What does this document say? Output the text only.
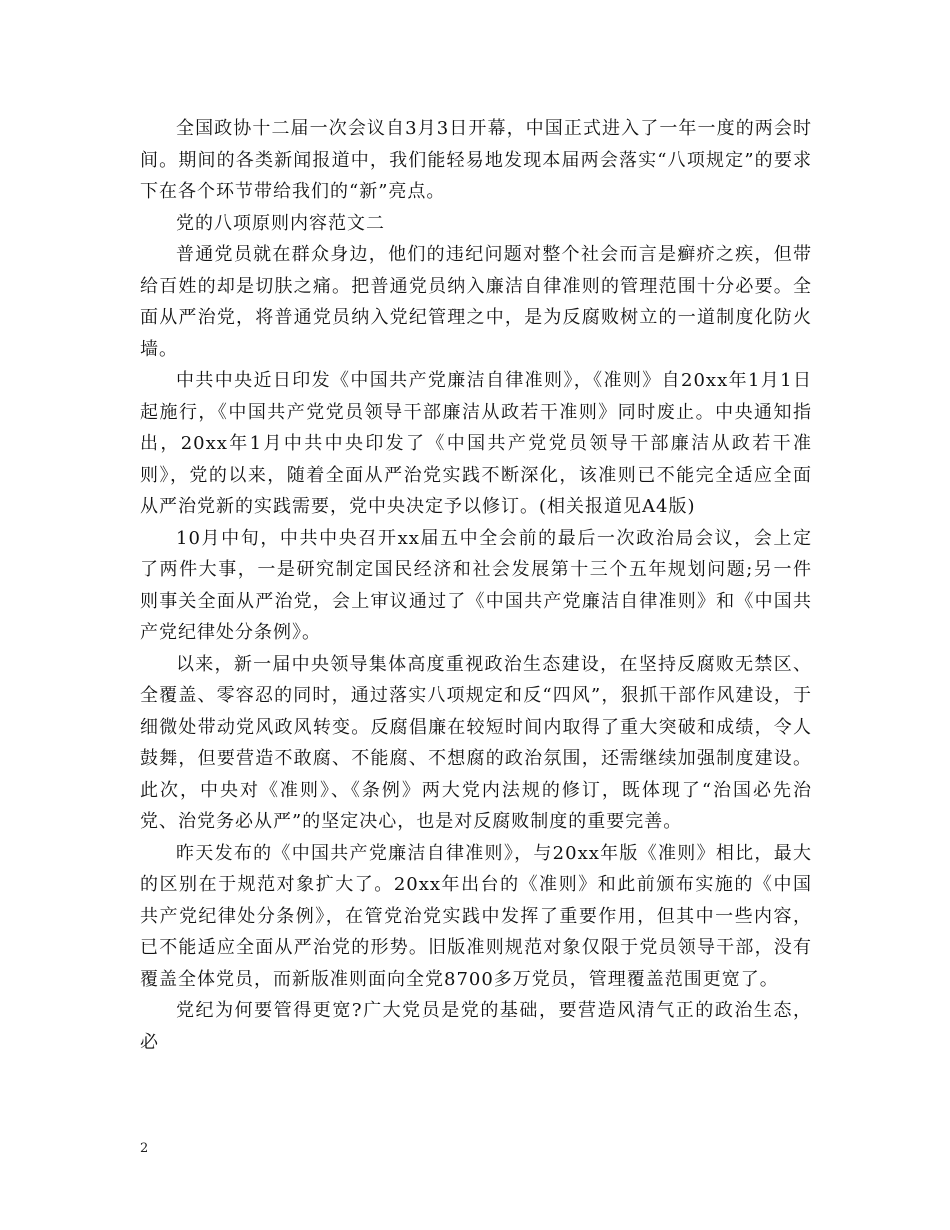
全国政协十二届一次会议自3月3日开幕，中国正式进入了一年一度的两会时间。期间的各类新闻报道中，我们能轻易地发现本届两会落实“八项规定”的要求下在各个环节带给我们的“新”亮点。

党的八项原则内容范文二

普通党员就在群众身边，他们的违纪问题对整个社会而言是癣疥之疾，但带给百姓的却是切肤之痛。把普通党员纳入廉洁自律准则的管理范围十分必要。全面从严治党，将普通党员纳入党纪管理之中，是为反腐败树立的一道制度化防火墙。

中共中央近日印发《中国共产党廉洁自律准则》，《准则》自20xx年1月1日起施行，《中国共产党党员领导干部廉洁从政若干准则》同时废止。中央通知指出，20xx年1月中共中央印发了《中国共产党党员领导干部廉洁从政若干准则》，党的以来，随着全面从严治党实践不断深化，该准则已不能完全适应全面从严治党新的实践需要，党中央决定予以修订。(相关报道见A4版)

10月中旬，中共中央召开xx届五中全会前的最后一次政治局会议，会上定了两件大事，一是研究制定国民经济和社会发展第十三个五年规划问题;另一件则事关全面从严治党，会上审议通过了《中国共产党廉洁自律准则》和《中国共产党纪律处分条例》。

以来，新一届中央领导集体高度重视政治生态建设，在坚持反腐败无禁区、全覆盖、零容忍的同时，通过落实八项规定和反“四风”，狠抓干部作风建设，于细微处带动党风政风转变。反腐倡廉在较短时间内取得了重大突破和成绩，令人鼓舞，但要营造不敢腐、不能腐、不想腐的政治氛围，还需继续加强制度建设。此次，中央对《准则》、《条例》两大党内法规的修订，既体现了“治国必先治党、治党务必从严”的坚定决心，也是对反腐败制度的重要完善。

昨天发布的《中国共产党廉洁自律准则》，与20xx年版《准则》相比，最大的区别在于规范对象扩大了。20xx年出台的《准则》和此前颁布实施的《中国共产党纪律处分条例》，在管党治党实践中发挥了重要作用，但其中一些内容，已不能适应全面从严治党的形势。旧版准则规范对象仅限于党员领导干部，没有覆盖全体党员，而新版准则面向全党8700多万党员，管理覆盖范围更宽了。

党纪为何要管得更宽?广大党员是党的基础，要营造风清气正的政治生态，必

2
